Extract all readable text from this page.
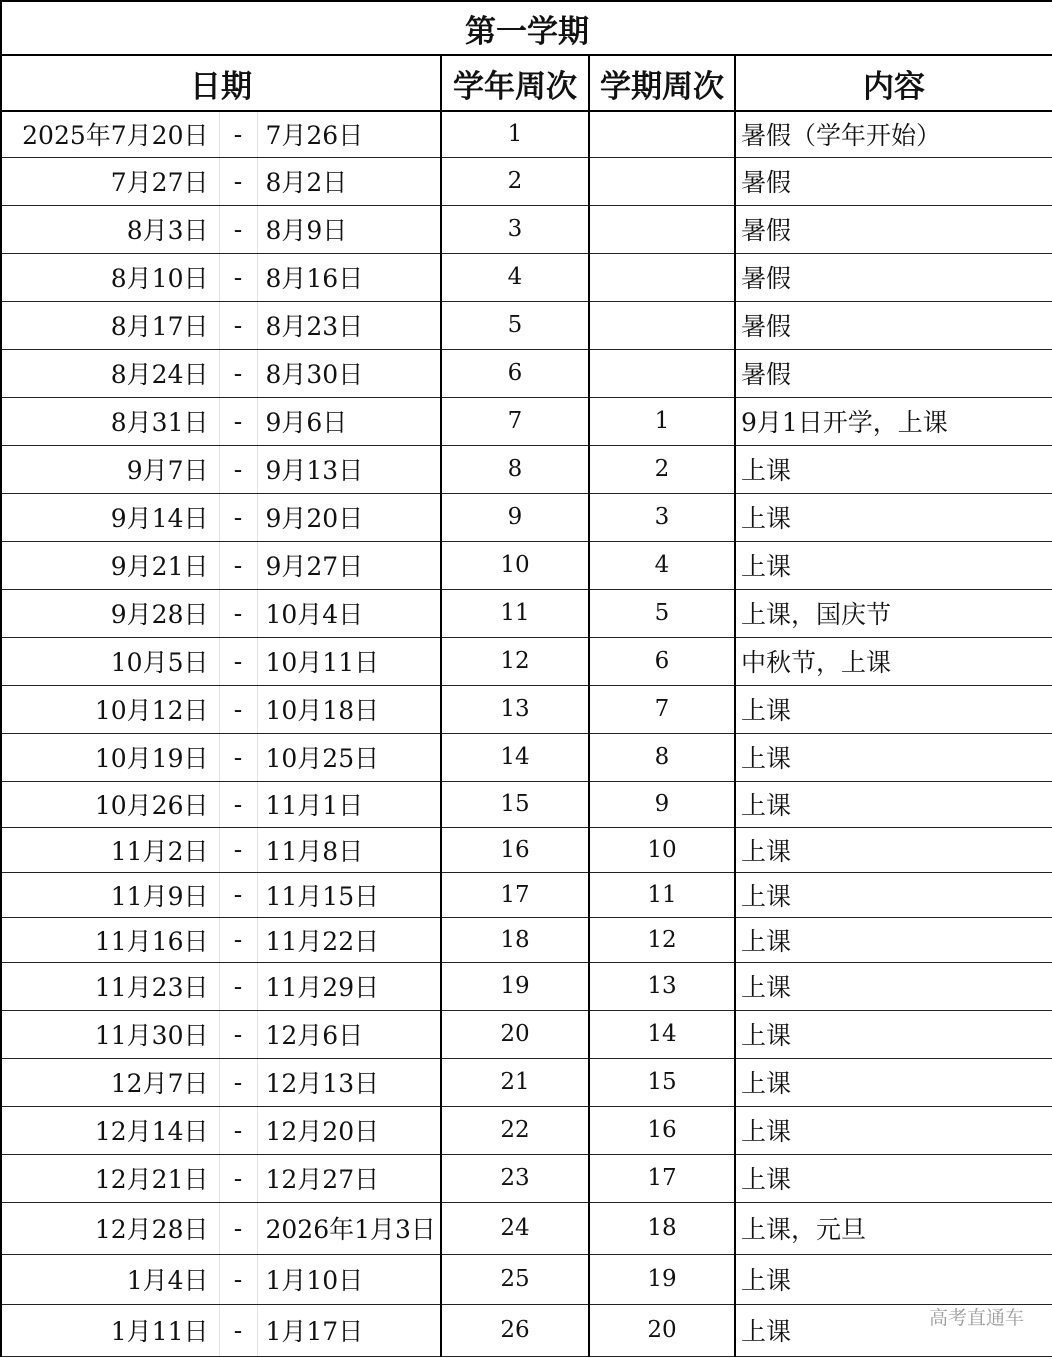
第一学期					
日期			学年周次	学期周次	内容
2025年7月20日	-	7月26日	1		暑假（学年开始）
7月27日	-	8月2日	2		暑假
8月3日	-	8月9日	3		暑假
8月10日	-	8月16日	4		暑假
8月17日	-	8月23日	5		暑假
8月24日	-	8月30日	6		暑假
8月31日	-	9月6日	7	1	9月1日开学，上课
9月7日	-	9月13日	8	2	上课
9月14日	-	9月20日	9	3	上课
9月21日	-	9月27日	10	4	上课
9月28日	-	10月4日	11	5	上课，国庆节
10月5日	-	10月11日	12	6	中秋节，上课
10月12日	-	10月18日	13	7	上课
10月19日	-	10月25日	14	8	上课
10月26日	-	11月1日	15	9	上课
11月2日	-	11月8日	16	10	上课
11月9日	-	11月15日	17	11	上课
11月16日	-	11月22日	18	12	上课
11月23日	-	11月29日	19	13	上课
11月30日	-	12月6日	20	14	上课
12月7日	-	12月13日	21	15	上课
12月14日	-	12月20日	22	16	上课
12月21日	-	12月27日	23	17	上课
12月28日	-	2026年1月3日	24	18	上课，元旦
1月4日	-	1月10日	25	19	上课
1月11日	-	1月17日	26	20	上课	高考直通车
